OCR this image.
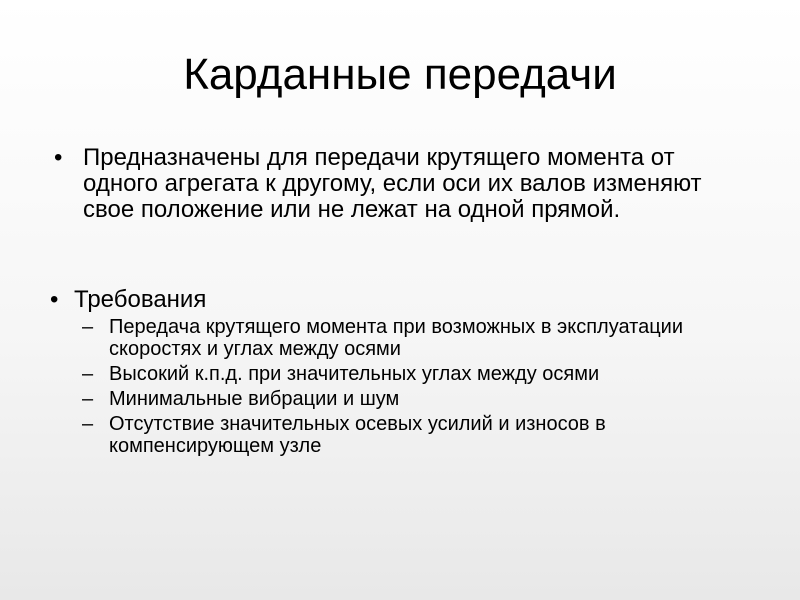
Карданные передачи
• Предназначены для передачи крутящего момента от одного агрегата к другому, если оси их валов изменяют свое положение или не лежат на одной прямой.
• Требования
– Передача крутящего момента при возможных в эксплуатации скоростях и углах между осями
– Высокий к.п.д. при значительных углах между осями
– Минимальные вибрации и шум
– Отсутствие значительных осевых усилий и износов в компенсирующем узле
